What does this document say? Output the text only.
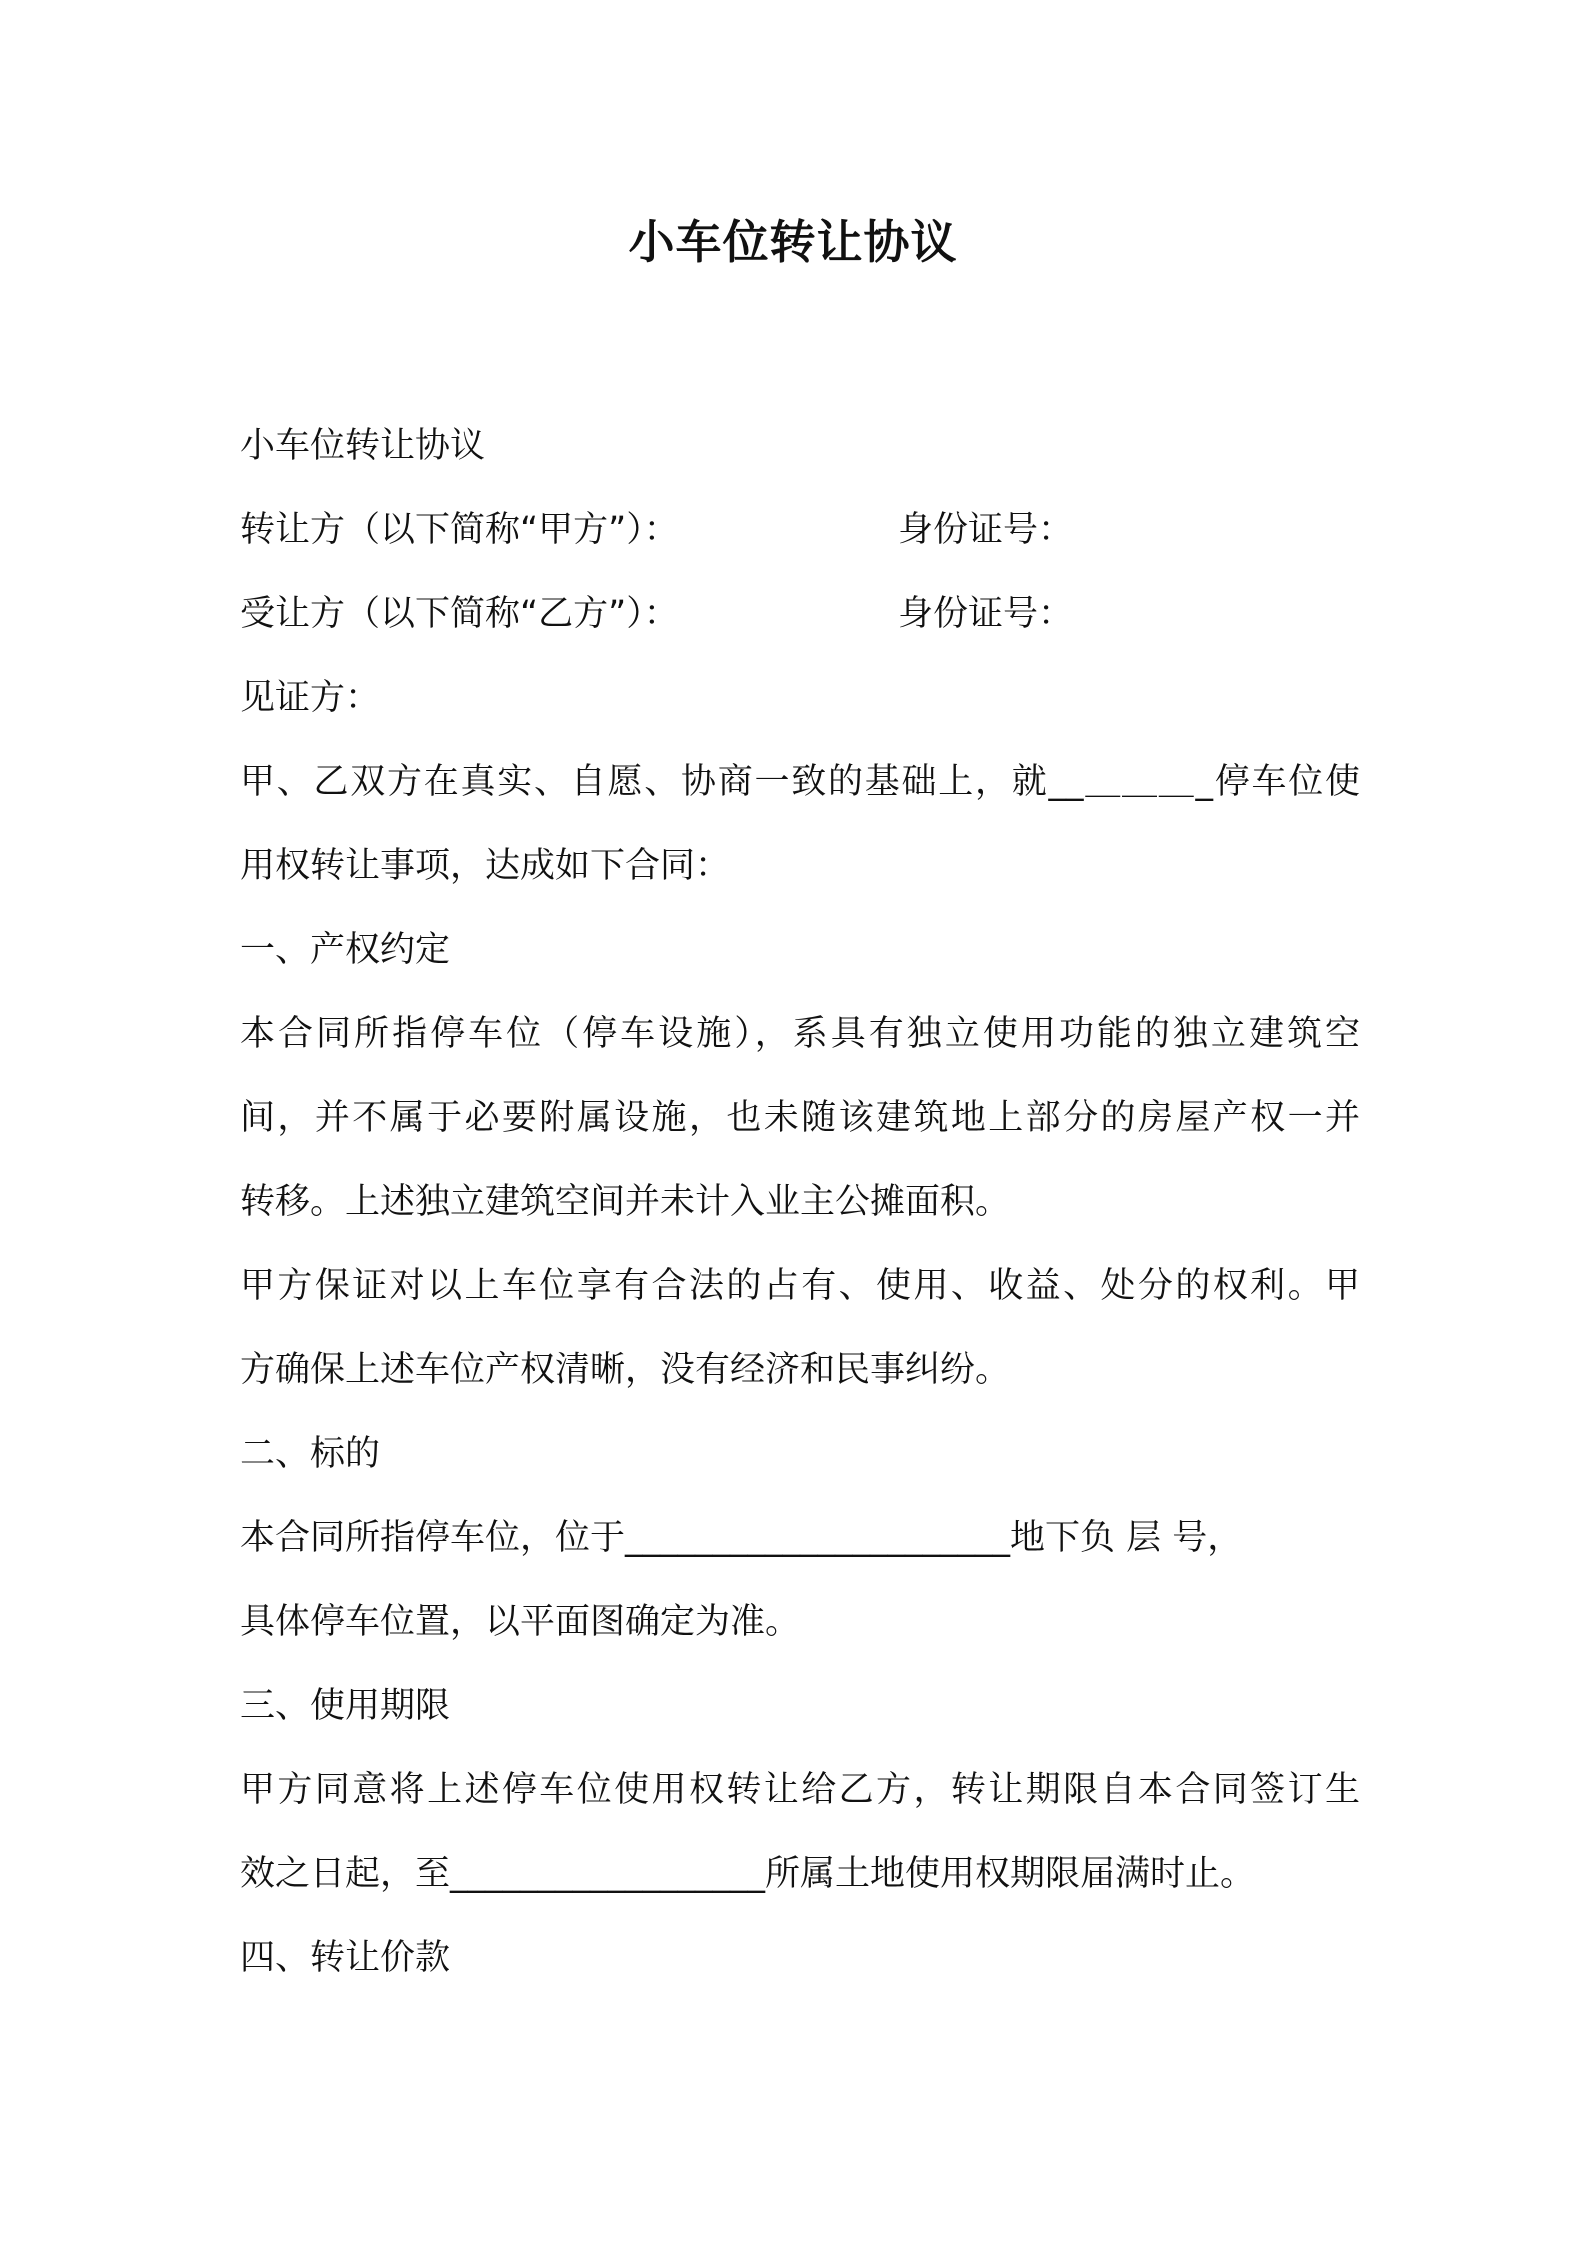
小车位转让协议
小车位转让协议
转让方（以下简称“甲方”）：	身份证号：
受让方（以下简称“乙方”）：	身份证号：
见证方：
甲、乙双方在真实、自愿、协商一致的基础上，就__＿＿＿_停车位使
用权转让事项，达成如下合同：
一、产权约定
本合同所指停车位（停车设施），系具有独立使用功能的独立建筑空
间，并不属于必要附属设施，也未随该建筑地上部分的房屋产权一并
转移。上述独立建筑空间并未计入业主公摊面积。
甲方保证对以上车位享有合法的占有、使用、收益、处分的权利。甲
方确保上述车位产权清晰，没有经济和民事纠纷。
二、标的
本合同所指停车位，位于______________________地下负 层 号，
具体停车位置，以平面图确定为准。
三、使用期限
甲方同意将上述停车位使用权转让给乙方，转让期限自本合同签订生
效之日起，至__________________所属土地使用权期限届满时止。
四、转让价款
